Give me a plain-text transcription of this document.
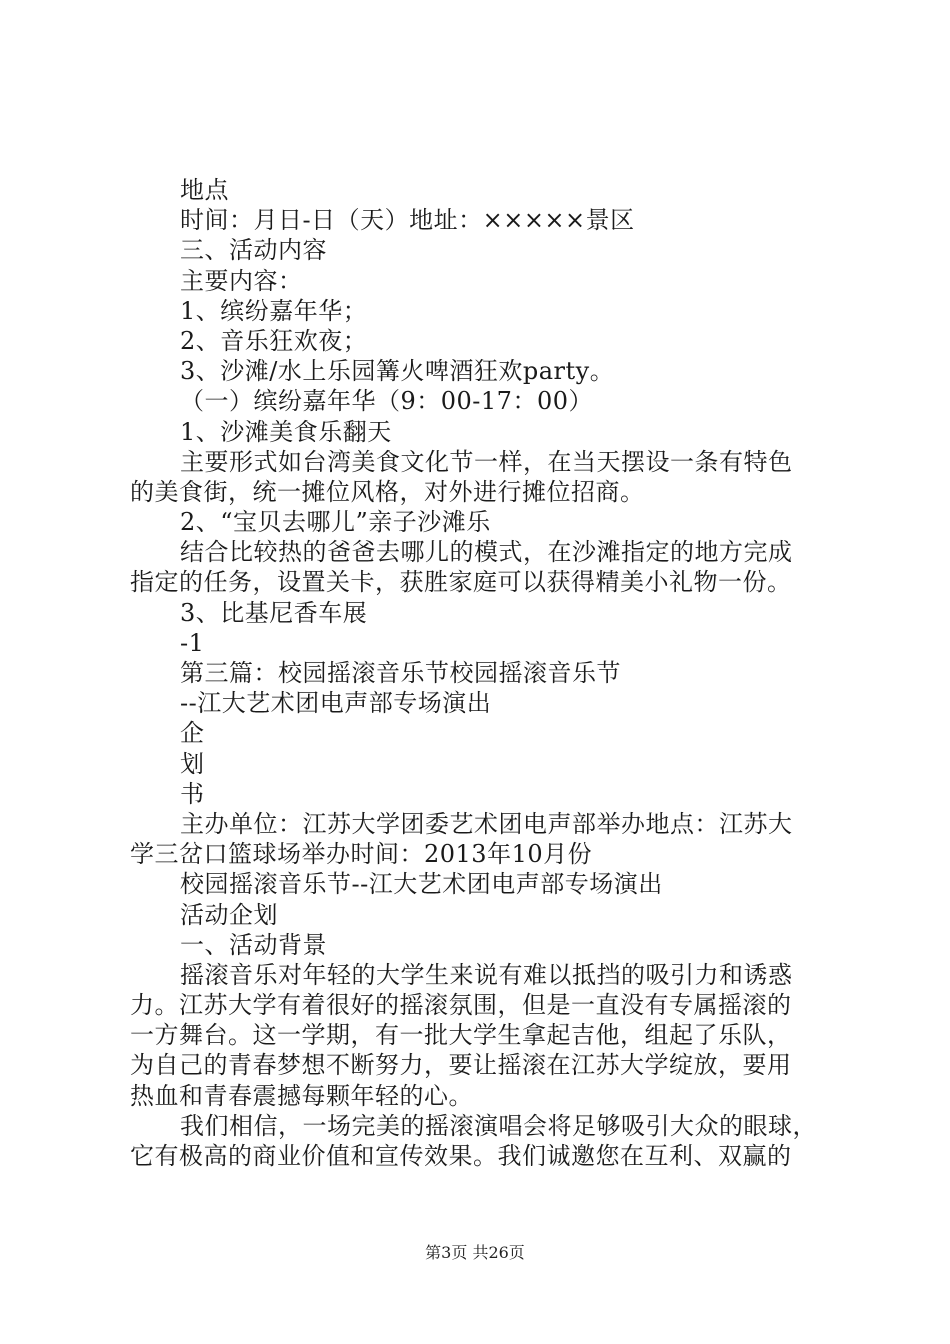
地点
时间：月日-日（天）地址：×××××景区
三、活动内容
主要内容：
1、缤纷嘉年华；
2、音乐狂欢夜；
3、沙滩/水上乐园篝火啤酒狂欢party。
（一）缤纷嘉年华（9：00-17：00）
1、沙滩美食乐翻天
主要形式如台湾美食文化节一样，在当天摆设一条有特色
的美食街，统一摊位风格，对外进行摊位招商。
2、“宝贝去哪儿”亲子沙滩乐
结合比较热的爸爸去哪儿的模式，在沙滩指定的地方完成
指定的任务，设置关卡，获胜家庭可以获得精美小礼物一份。
3、比基尼香车展
-1
第三篇：校园摇滚音乐节校园摇滚音乐节
--江大艺术团电声部专场演出
企
划
书
主办单位：江苏大学团委艺术团电声部举办地点：江苏大
学三岔口篮球场举办时间：2013年10月份
校园摇滚音乐节--江大艺术团电声部专场演出
活动企划
一、活动背景
摇滚音乐对年轻的大学生来说有难以抵挡的吸引力和诱惑
力。江苏大学有着很好的摇滚氛围，但是一直没有专属摇滚的
一方舞台。这一学期，有一批大学生拿起吉他，组起了乐队，
为自己的青春梦想不断努力，要让摇滚在江苏大学绽放，要用
热血和青春震撼每颗年轻的心。
我们相信，一场完美的摇滚演唱会将足够吸引大众的眼球，
它有极高的商业价值和宣传效果。我们诚邀您在互利、双赢的
第3页 共26页
